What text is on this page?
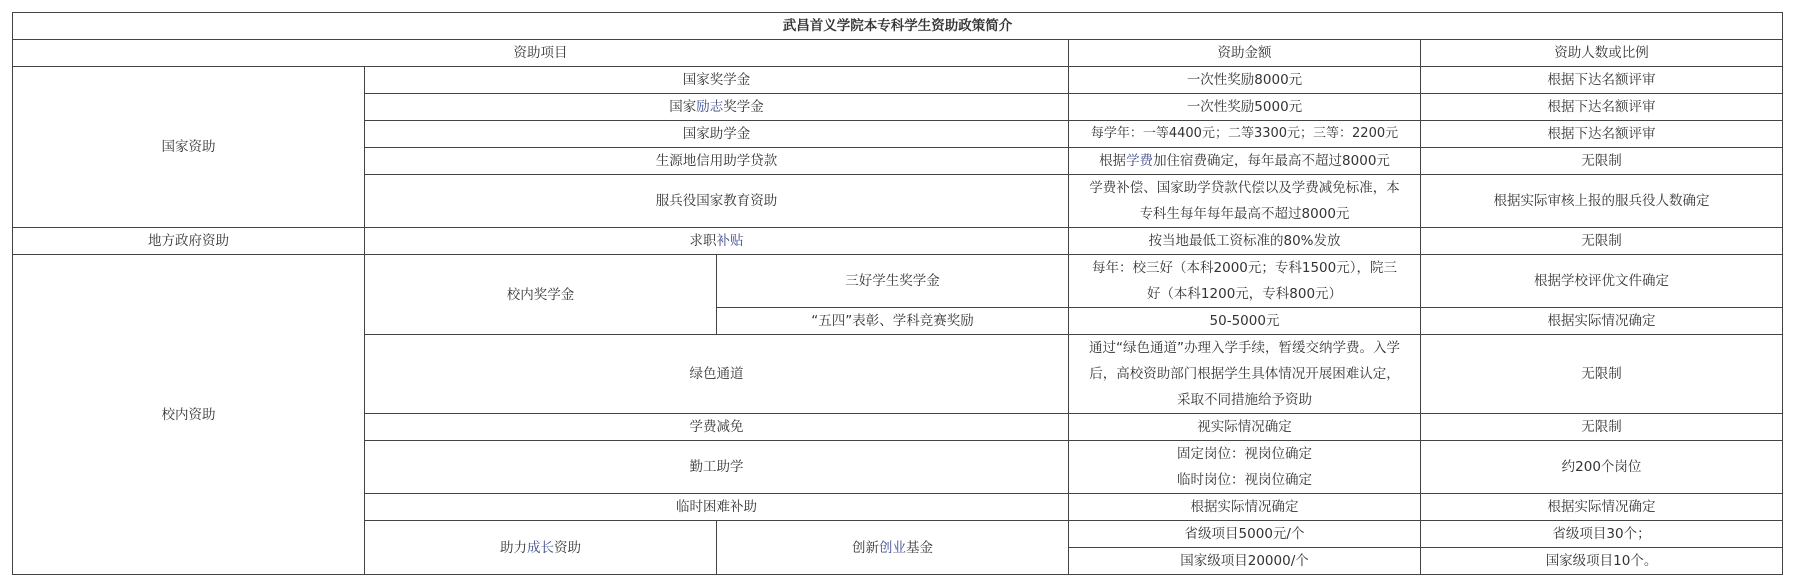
武昌首义学院本专科学生资助政策简介				
资助项目			资助金额	资助人数或比例
国家资助	国家奖学金		一次性奖励8000元	根据下达名额评审
	国家励志奖学金		一次性奖励5000元	根据下达名额评审
	国家助学金		每学年：一等4400元；二等3300元；三等：2200元	根据下达名额评审
	生源地信用助学贷款		根据学费加住宿费确定，每年最高不超过8000元	无限制
	服兵役国家教育资助		学费补偿、国家助学贷款代偿以及学费减免标准，本
专科生每年每年最高不超过8000元	根据实际审核上报的服兵役人数确定
地方政府资助	求职补贴		按当地最低工资标准的80%发放	无限制
校内资助	校内奖学金	三好学生奖学金	每年：校三好（本科2000元；专科1500元），院三
好（本科1200元，专科800元）	根据学校评优文件确定
		“五四”表彰、学科竞赛奖励	50-5000元	根据实际情况确定
	绿色通道		通过“绿色通道”办理入学手续，暂缓交纳学费。入学
后，高校资助部门根据学生具体情况开展困难认定，
采取不同措施给予资助	无限制
	学费减免		视实际情况确定	无限制
	勤工助学		固定岗位：视岗位确定
临时岗位：视岗位确定	约200个岗位
	临时困难补助		根据实际情况确定	根据实际情况确定
	助力成长资助	创新创业基金	省级项目5000元/个	省级项目30个；
			国家级项目20000/个	国家级项目10个。
